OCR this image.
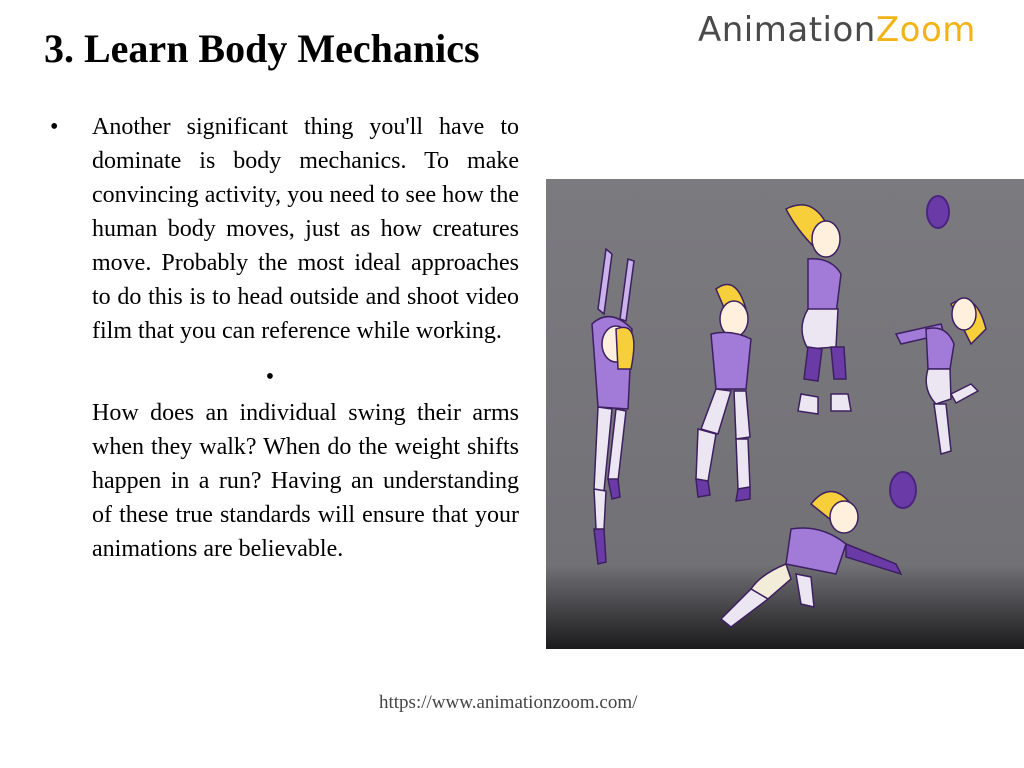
3. Learn Body Mechanics	AnimationZoom
•	Another significant thing you'll have to dominate is body mechanics. To make convincing activity, you need to see how the human body moves, just as how creatures move. Probably the most ideal approaches to do this is to head outside and shoot video film that you can reference while working.
•
How does an individual swing their arms when they walk? When do the weight shifts happen in a run? Having an understanding of these true standards will ensure that your animations are believable.
https://www.animationzoom.com/
